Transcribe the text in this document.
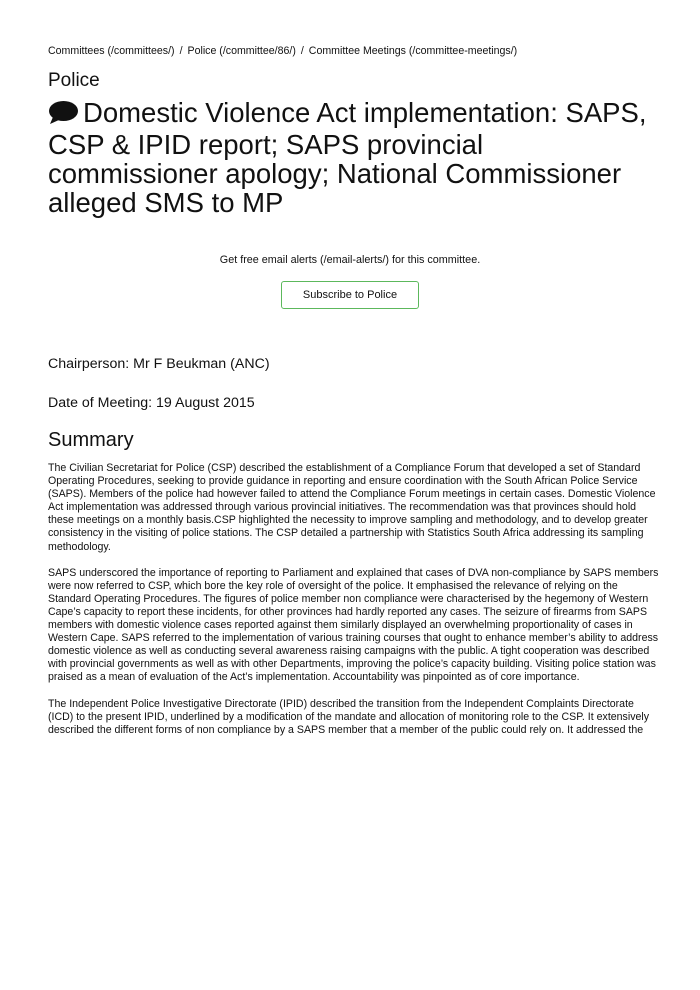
Committees (/committees/) / Police (/committee/86/) / Committee Meetings (/committee-meetings/)
Police
Domestic Violence Act implementation: SAPS, CSP & IPID report; SAPS provincial commissioner apology; National Commissioner alleged SMS to MP
Get free email alerts (/email-alerts/) for this committee.
Subscribe to Police
Chairperson: Mr F Beukman (ANC)
Date of Meeting: 19 August 2015
Summary

The Civilian Secretariat for Police (CSP) described the establishment of a Compliance Forum that developed a set of Standard Operating Procedures, seeking to provide guidance in reporting and ensure coordination with the South African Police Service (SAPS). Members of the police had however failed to attend the Compliance Forum meetings in certain cases. Domestic Violence Act implementation was addressed through various provincial initiatives. The recommendation was that provinces should hold these meetings on a monthly basis.CSP highlighted the necessity to improve sampling and methodology, and to develop greater consistency in the visiting of police stations. The CSP detailed a partnership with Statistics South Africa addressing its sampling methodology.

SAPS underscored the importance of reporting to Parliament and explained that cases of DVA non-compliance by SAPS members were now referred to CSP, which bore the key role of oversight of the police. It emphasised the relevance of relying on the Standard Operating Procedures. The figures of police member non compliance were characterised by the hegemony of Western Cape’s capacity to report these incidents, for other provinces had hardly reported any cases. The seizure of firearms from SAPS members with domestic violence cases reported against them similarly displayed an overwhelming proportionality of cases in Western Cape. SAPS referred to the implementation of various training courses that ought to enhance member’s ability to address domestic violence as well as conducting several awareness raising campaigns with the public. A tight cooperation was described with provincial governments as well as with other Departments, improving the police’s capacity building. Visiting police station was praised as a mean of evaluation of the Act’s implementation. Accountability was pinpointed as of core importance.

The Independent Police Investigative Directorate (IPID) described the transition from the Independent Complaints Directorate (ICD) to the present IPID, underlined by a modification of the mandate and allocation of monitoring role to the CSP. It extensively described the different forms of non compliance by a SAPS member that a member of the public could rely on. It addressed the
